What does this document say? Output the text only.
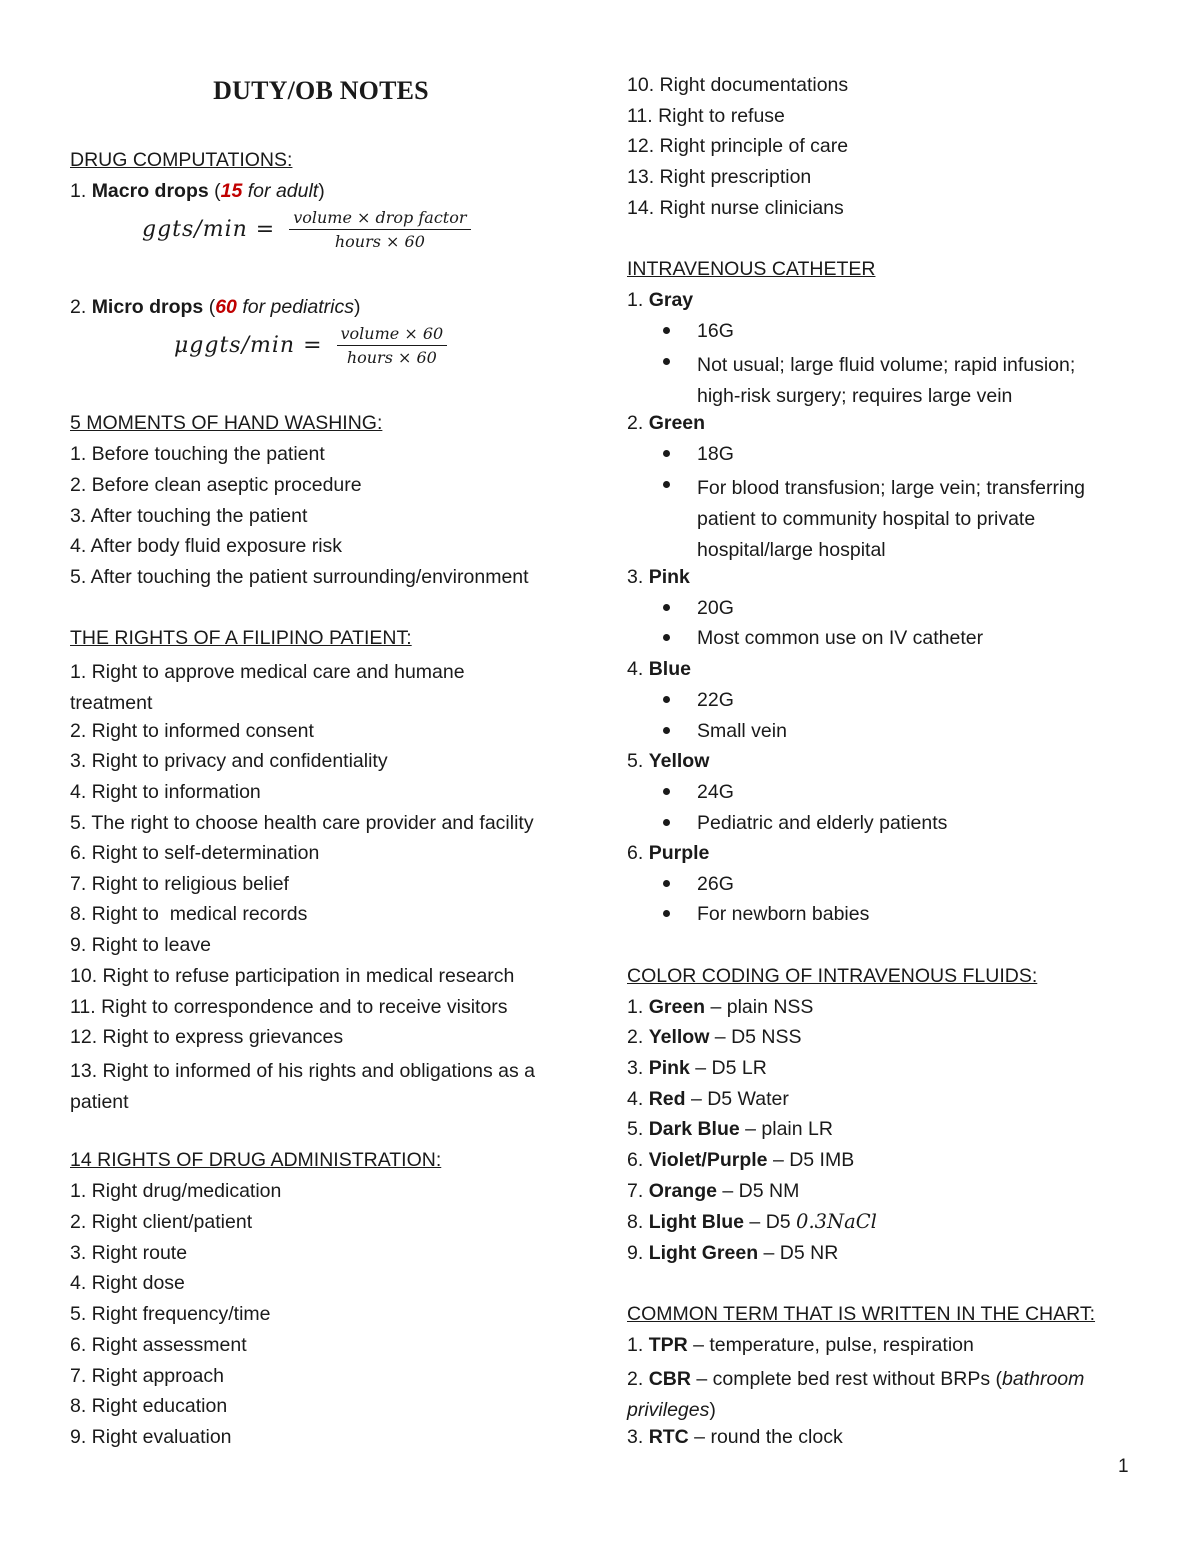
DUTY/OB NOTES
DRUG COMPUTATIONS:
1. Macro drops (15 for adult)
ggts/min = $\frac{\text{volume × drop factor}}{\text{hours × 60}}$
2. Micro drops (60 for pediatrics)
μggts/min = $\frac{\text{volume × 60}}{\text{hours × 60}}$
5 MOMENTS OF HAND WASHING:
1. Before touching the patient
2. Before clean aseptic procedure
3. After touching the patient
4. After body fluid exposure risk
5. After touching the patient surrounding/environment
THE RIGHTS OF A FILIPINO PATIENT:
1. Right to approve medical care and humane treatment
2. Right to informed consent
3. Right to privacy and confidentiality
4. Right to information
5. The right to choose health care provider and facility
6. Right to self-determination
7. Right to religious belief
8. Right to  medical records
9. Right to leave
10. Right to refuse participation in medical research
11. Right to correspondence and to receive visitors
12. Right to express grievances
13. Right to informed of his rights and obligations as a patient
14 RIGHTS OF DRUG ADMINISTRATION:
1. Right drug/medication
2. Right client/patient
3. Right route
4. Right dose
5. Right frequency/time
6. Right assessment
7. Right approach
8. Right education
9. Right evaluation
10. Right documentations
11. Right to refuse
12. Right principle of care
13. Right prescription
14. Right nurse clinicians
INTRAVENOUS CATHETER
1. Gray
16G
Not usual; large fluid volume; rapid infusion; high-risk surgery; requires large vein
2. Green
18G
For blood transfusion; large vein; transferring patient to community hospital to private hospital/large hospital
3. Pink
20G
Most common use on IV catheter
4. Blue
22G
Small vein
5. Yellow
24G
Pediatric and elderly patients
6. Purple
26G
For newborn babies
COLOR CODING OF INTRAVENOUS FLUIDS:
1. Green – plain NSS
2. Yellow – D5 NSS
3. Pink – D5 LR
4. Red – D5 Water
5. Dark Blue – plain LR
6. Violet/Purple – D5 IMB
7. Orange – D5 NM
8. Light Blue – D5 0.3NaCl
9. Light Green – D5 NR
COMMON TERM THAT IS WRITTEN IN THE CHART:
1. TPR – temperature, pulse, respiration
2. CBR – complete bed rest without BRPs (bathroom privileges)
3. RTC – round the clock
1
